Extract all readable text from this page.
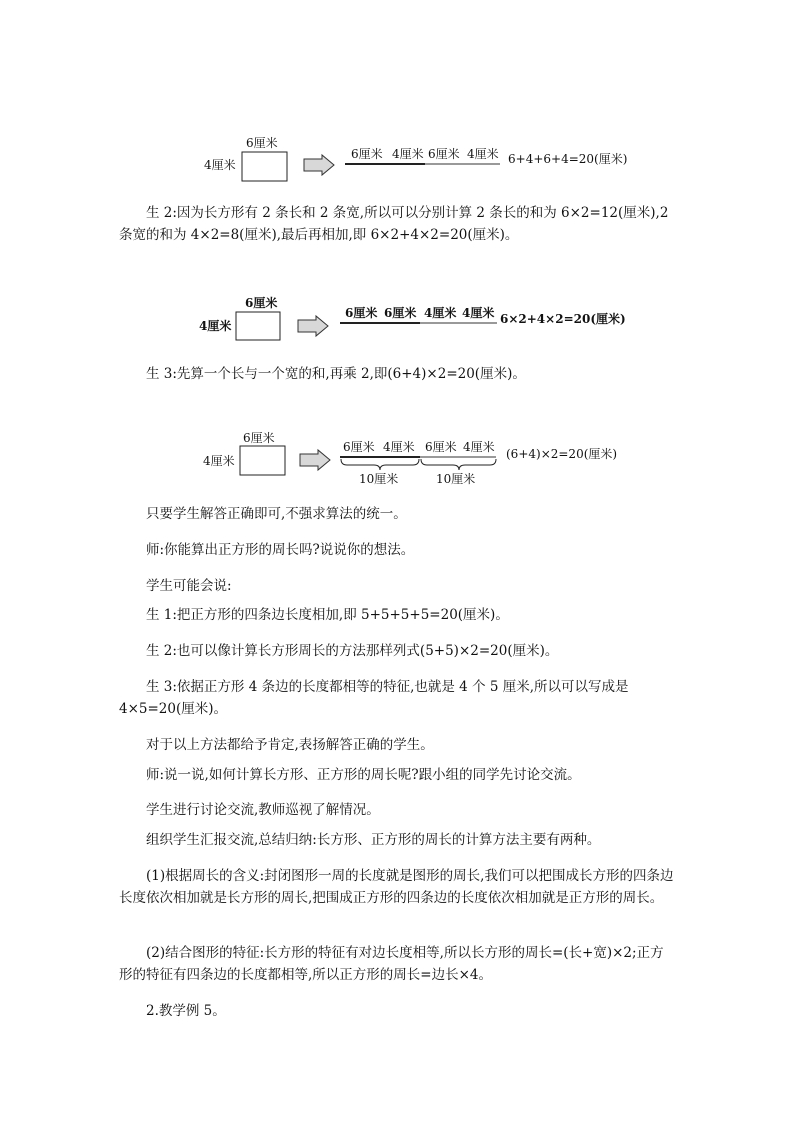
6厘米
4厘米
6厘米 4厘米 6厘米 4厘米 6+4+6+4=20(厘米)

生 2:因为长方形有 2 条长和 2 条宽,所以可以分别计算 2 条长的和为 6×2=12(厘米),2 条宽的和为 4×2=8(厘米),最后再相加,即 6×2+4×2=20(厘米)。

6厘米
4厘米
6厘米 6厘米 4厘米 4厘米 6×2+4×2=20(厘米)

生 3:先算一个长与一个宽的和,再乘 2,即(6+4)×2=20(厘米)。

6厘米
4厘米
6厘米 4厘米 6厘米 4厘米
10厘米	10厘米
(6+4)×2=20(厘米)

只要学生解答正确即可,不强求算法的统一。

师:你能算出正方形的周长吗?说说你的想法。

学生可能会说:

生 1:把正方形的四条边长度相加,即 5+5+5+5=20(厘米)。

生 2:也可以像计算长方形周长的方法那样列式(5+5)×2=20(厘米)。

生 3:依据正方形 4 条边的长度都相等的特征,也就是 4 个 5 厘米,所以可以写成是 4×5=20(厘米)。

对于以上方法都给予肯定,表扬解答正确的学生。

师:说一说,如何计算长方形、正方形的周长呢?跟小组的同学先讨论交流。

学生进行讨论交流,教师巡视了解情况。

组织学生汇报交流,总结归纳:长方形、正方形的周长的计算方法主要有两种。

(1)根据周长的含义:封闭图形一周的长度就是图形的周长,我们可以把围成长方形的四条边长度依次相加就是长方形的周长,把围成正方形的四条边的长度依次相加就是正方形的周长。

(2)结合图形的特征:长方形的特征有对边长度相等,所以长方形的周长=(长+宽)×2;正方形的特征有四条边的长度都相等,所以正方形的周长=边长×4。

2.教学例 5。
